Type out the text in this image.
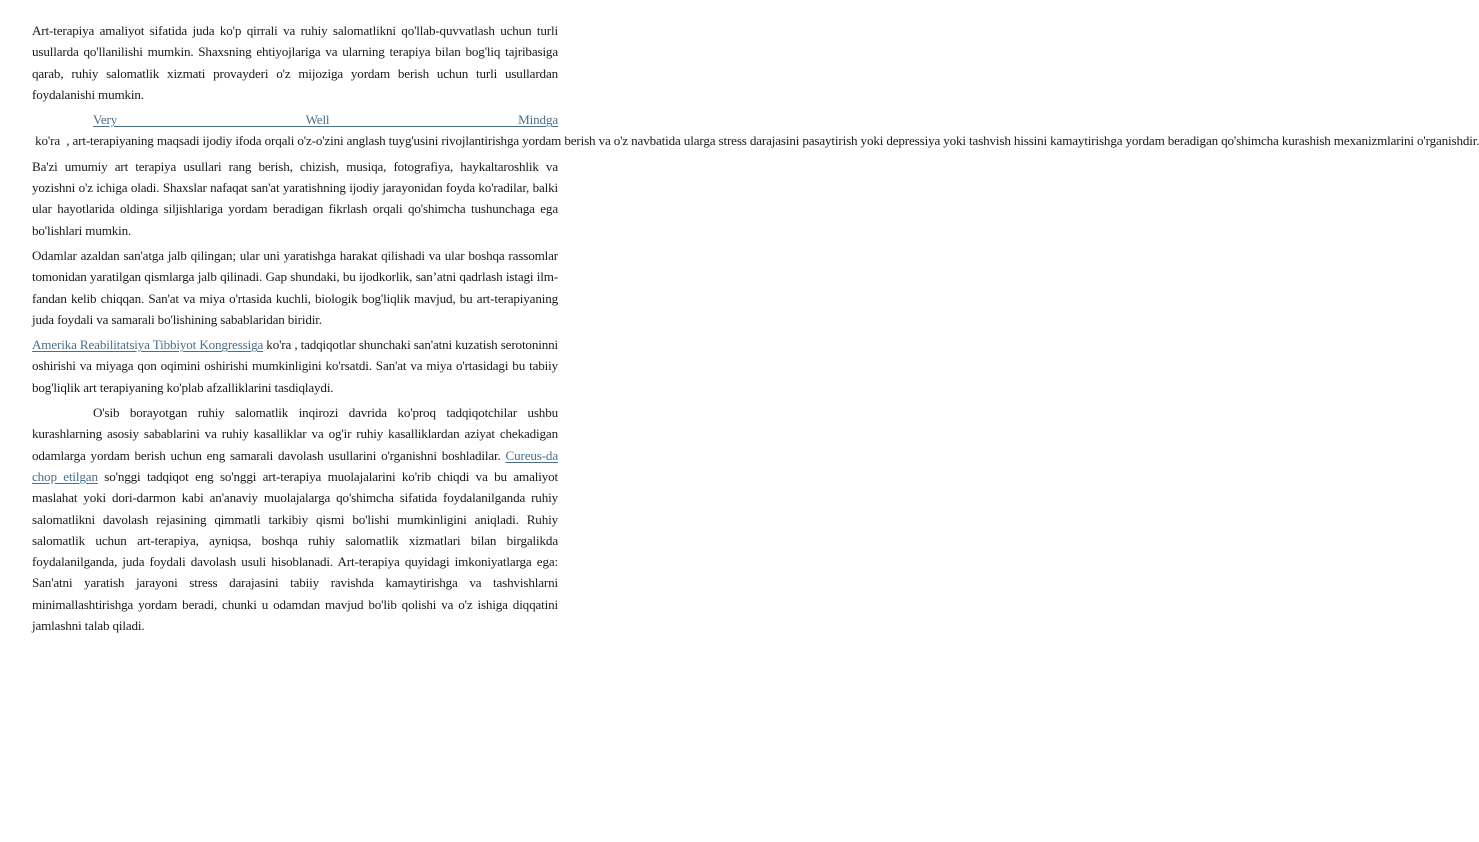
Art-terapiya amaliyot sifatida juda ko'p qirrali va ruhiy salomatlikni qo'llab-quvvatlash uchun turli usullarda qo'llanilishi mumkin. Shaxsning ehtiyojlariga va ularning terapiya bilan bog'liq tajribasiga qarab, ruhiy salomatlik xizmati provayderi o'z mijoziga yordam berish uchun turli usullardan foydalanishi mumkin.

Very Well Mindga ko'ra  , art-terapiyaning maqsadi ijodiy ifoda orqali o'z-o'zini anglash tuyg'usini rivojlantirishga yordam berish va o'z navbatida ularga stress darajasini pasaytirish yoki depressiya yoki tashvish hissini kamaytirishga yordam beradigan qo'shimcha kurashish mexanizmlarini o'rganishdir.

Ba'zi umumiy art terapiya usullari rang berish, chizish, musiqa, fotografiya, haykaltaroshlik va yozishni o'z ichiga oladi. Shaxslar nafaqat san'at yaratishning ijodiy jarayonidan foyda ko'radilar, balki ular hayotlarida oldinga siljishlariga yordam beradigan fikrlash orqali qo'shimcha tushunchaga ega bo'lishlari mumkin.

Odamlar azaldan san'atga jalb qilingan; ular uni yaratishga harakat qilishadi va ular boshqa rassomlar tomonidan yaratilgan qismlarga jalb qilinadi. Gap shundaki, bu ijodkorlik, san’atni qadrlash istagi ilm-fandan kelib chiqqan. San'at va miya o'rtasida kuchli, biologik bog'liqlik mavjud, bu art-terapiyaning juda foydali va samarali bo'lishining sabablaridan biridir.

Amerika Reabilitatsiya Tibbiyot Kongressiga ko'ra , tadqiqotlar shunchaki san'atni kuzatish serotoninni oshirishi va miyaga qon oqimini oshirishi mumkinligini ko'rsatdi. San'at va miya o'rtasidagi bu tabiiy bog'liqlik art terapiyaning ko'plab afzalliklarini tasdiqlaydi.

O'sib borayotgan ruhiy salomatlik inqirozi davrida ko'proq tadqiqotchilar ushbu kurashlarning asosiy sabablarini va ruhiy kasalliklar va og'ir ruhiy kasalliklardan aziyat chekadigan odamlarga yordam berish uchun eng samarali davolash usullarini o'rganishni boshladilar. Cureus-da chop etilgan so'nggi tadqiqot eng so'nggi art-terapiya muolajalarini ko'rib chiqdi va bu amaliyot maslahat yoki dori-darmon kabi an'anaviy muolajalarga qo'shimcha sifatida foydalanilganda ruhiy salomatlikni davolash rejasining qimmatli tarkibiy qismi bo'lishi mumkinligini aniqladi. Ruhiy salomatlik uchun art-terapiya, ayniqsa, boshqa ruhiy salomatlik xizmatlari bilan birgalikda foydalanilganda, juda foydali davolash usuli hisoblanadi. Art-terapiya quyidagi imkoniyatlarga ega: San'atni yaratish jarayoni stress darajasini tabiiy ravishda kamaytirishga va tashvishlarni minimallashtirishga yordam beradi, chunki u odamdan mavjud bo'lib qolishi va o'z ishiga diqqatini jamlashni talab qiladi.
